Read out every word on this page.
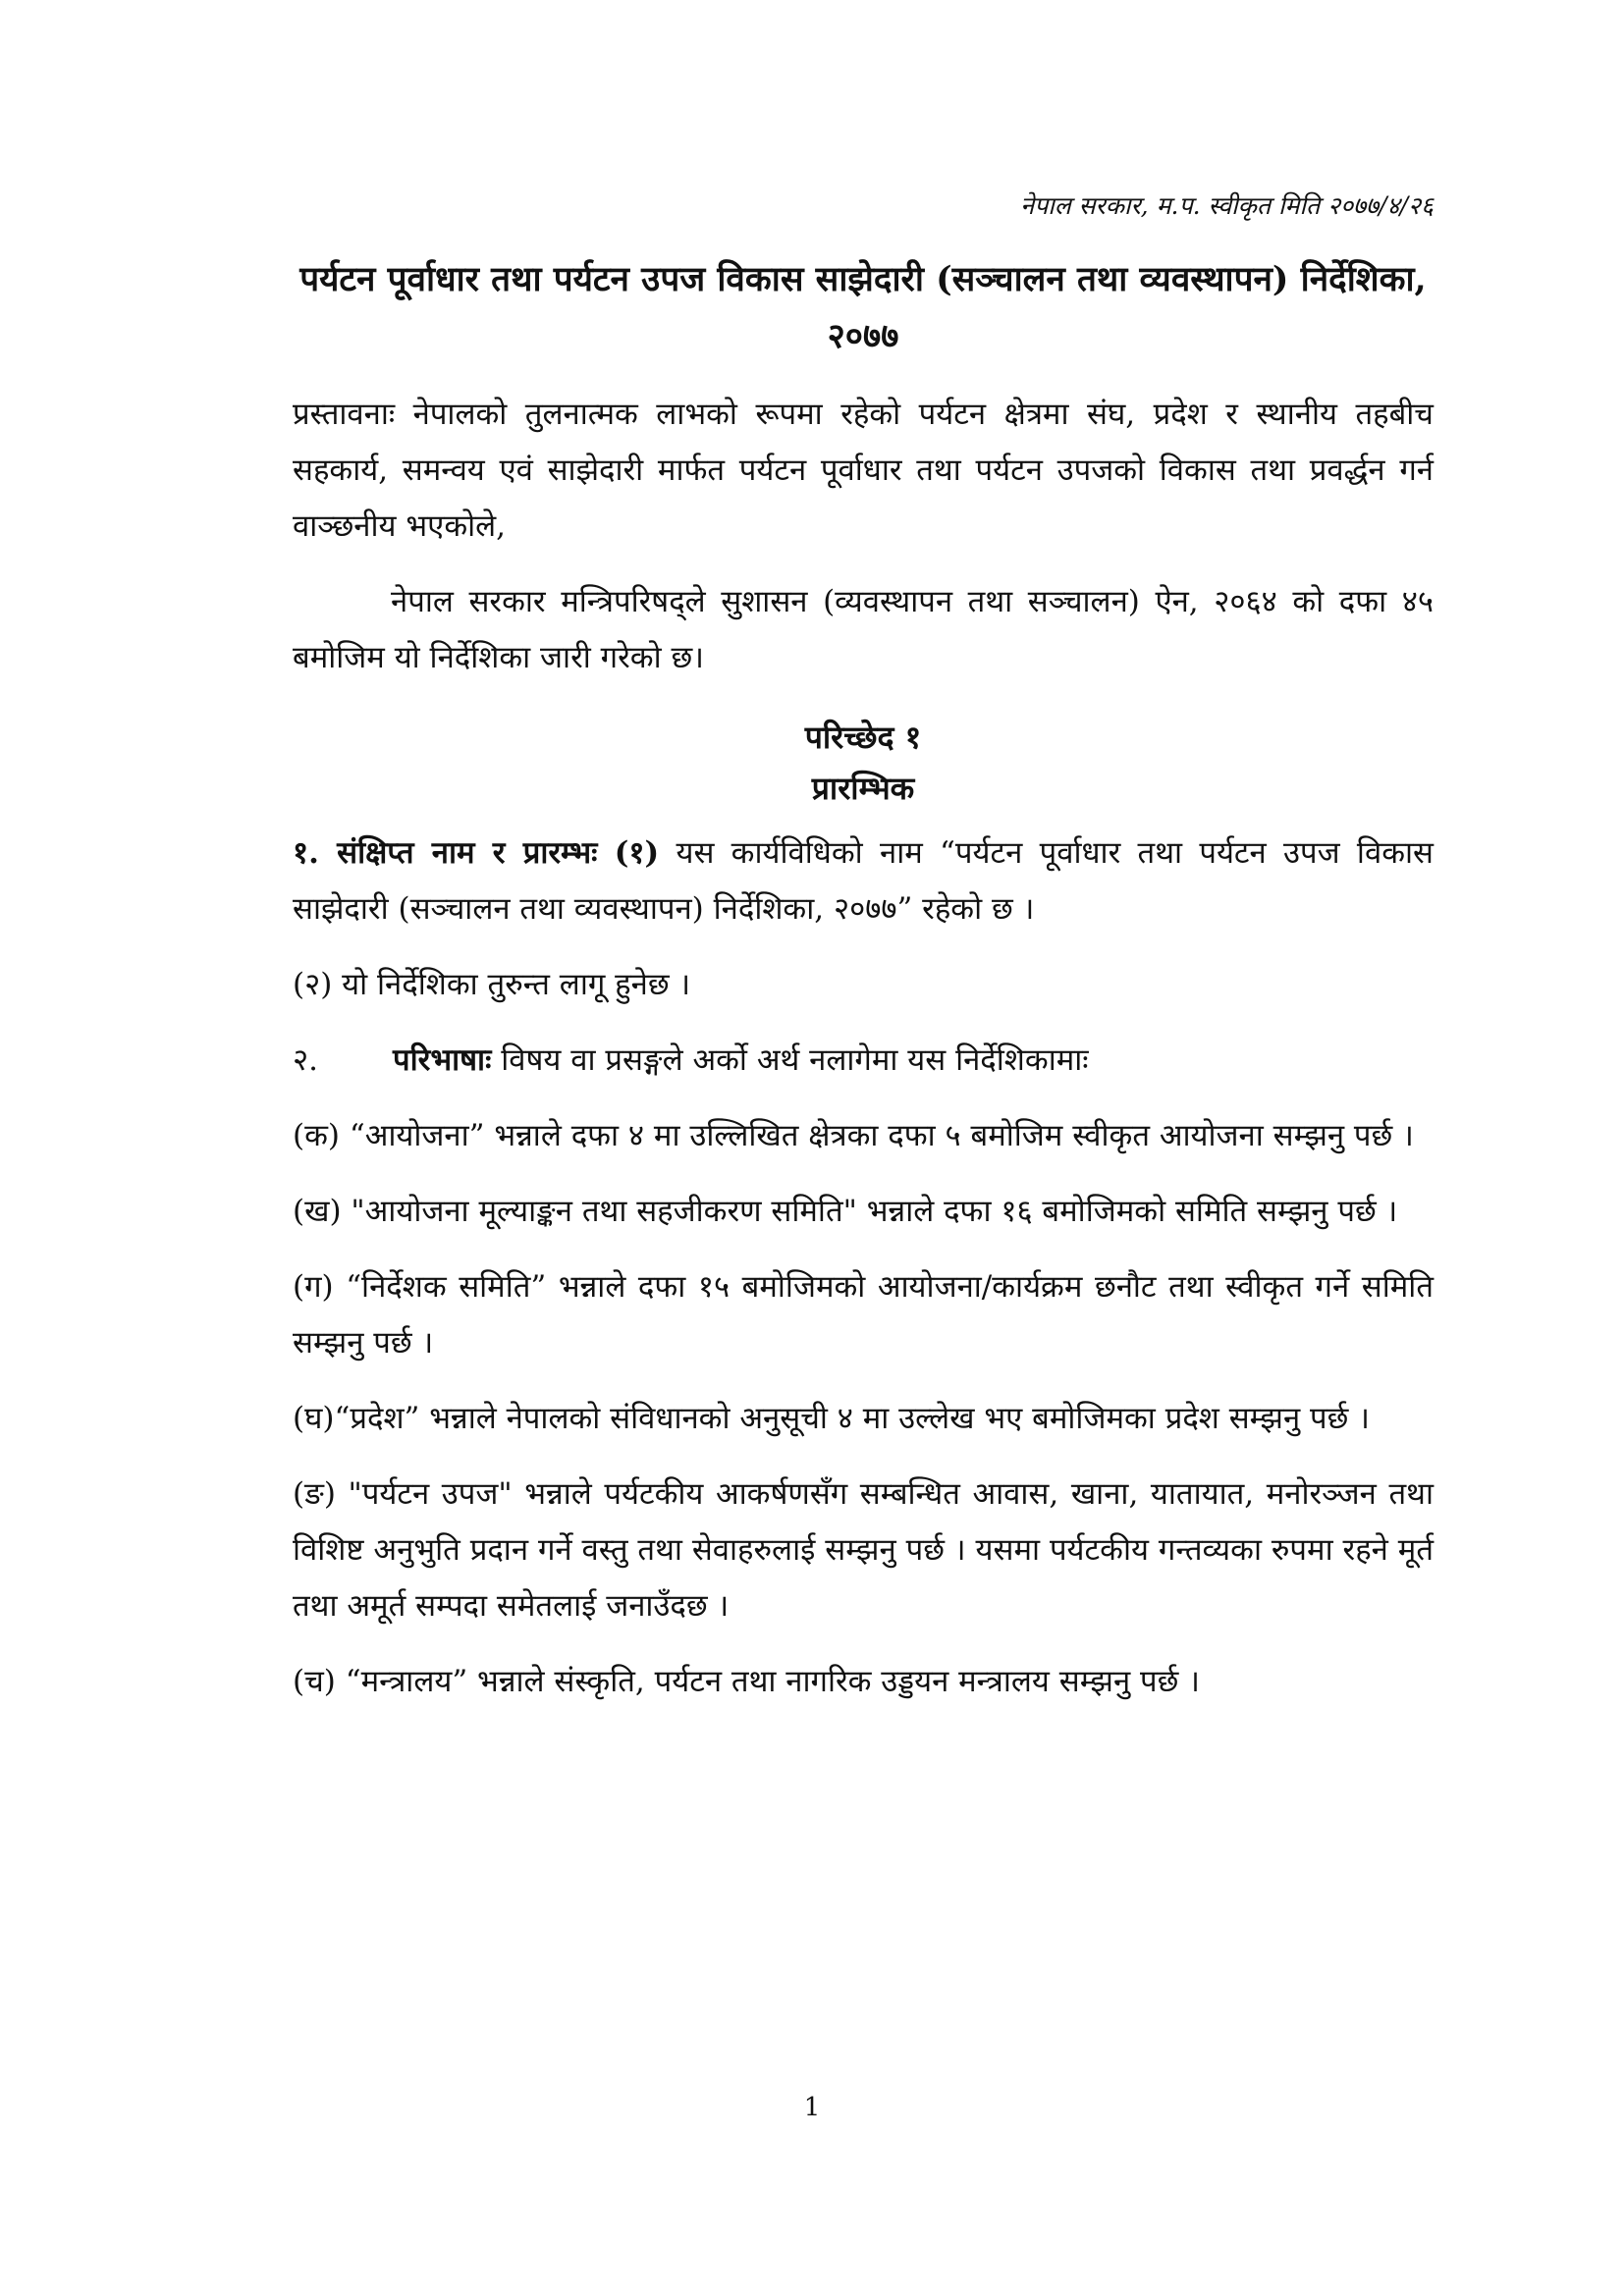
नेपाल सरकार, म.प. स्वीकृत मिति २०७७/४/२६
पर्यटन पूर्वाधार तथा पर्यटन उपज विकास साझेदारी (सञ्चालन तथा व्यवस्थापन) निर्देशिका,
२०७७

प्रस्तावनाः नेपालको तुलनात्मक लाभको रूपमा रहेको पर्यटन क्षेत्रमा संघ, प्रदेश र स्थानीय तहबीच सहकार्य, समन्वय एवं साझेदारी मार्फत पर्यटन पूर्वाधार तथा पर्यटन उपजको विकास तथा प्रवर्द्धन गर्न वाञ्छनीय भएकोले,

नेपाल सरकार मन्त्रिपरिषद्ले सुशासन (व्यवस्थापन तथा सञ्चालन) ऐन, २०६४ को दफा ४५ बमोजिम यो निर्देशिका जारी गरेको छ।

परिच्छेद १
प्रारम्भिक

१. संक्षिप्त नाम र प्रारम्भः (१) यस कार्यविधिको नाम “पर्यटन पूर्वाधार तथा पर्यटन उपज विकास साझेदारी (सञ्चालन तथा व्यवस्थापन) निर्देशिका, २०७७” रहेको छ ।

(२) यो निर्देशिका तुरुन्त लागू हुनेछ ।

२. परिभाषाः विषय वा प्रसङ्गले अर्को अर्थ नलागेमा यस निर्देशिकामाः

(क) “आयोजना” भन्नाले दफा ४ मा उल्लिखित क्षेत्रका दफा ५ बमोजिम स्वीकृत आयोजना सम्झनु पर्छ ।

(ख) "आयोजना मूल्याङ्कन तथा सहजीकरण समिति" भन्नाले दफा १६ बमोजिमको समिति सम्झनु पर्छ ।

(ग) “निर्देशक समिति” भन्नाले दफा १५ बमोजिमको आयोजना/कार्यक्रम छनौट तथा स्वीकृत गर्ने समिति सम्झनु पर्छ ।

(घ)“प्रदेश” भन्नाले नेपालको संविधानको अनुसूची ४ मा उल्लेख भए बमोजिमका प्रदेश सम्झनु पर्छ ।

(ङ) "पर्यटन उपज" भन्नाले पर्यटकीय आकर्षणसँग सम्बन्धित आवास, खाना, यातायात, मनोरञ्जन तथा विशिष्ट अनुभुति प्रदान गर्ने वस्तु तथा सेवाहरुलाई सम्झनु पर्छ । यसमा पर्यटकीय गन्तव्यका रुपमा रहने मूर्त तथा अमूर्त सम्पदा समेतलाई जनाउँदछ ।

(च) “मन्त्रालय” भन्नाले संस्कृति, पर्यटन तथा नागरिक उड्डयन मन्त्रालय सम्झनु पर्छ ।

1
